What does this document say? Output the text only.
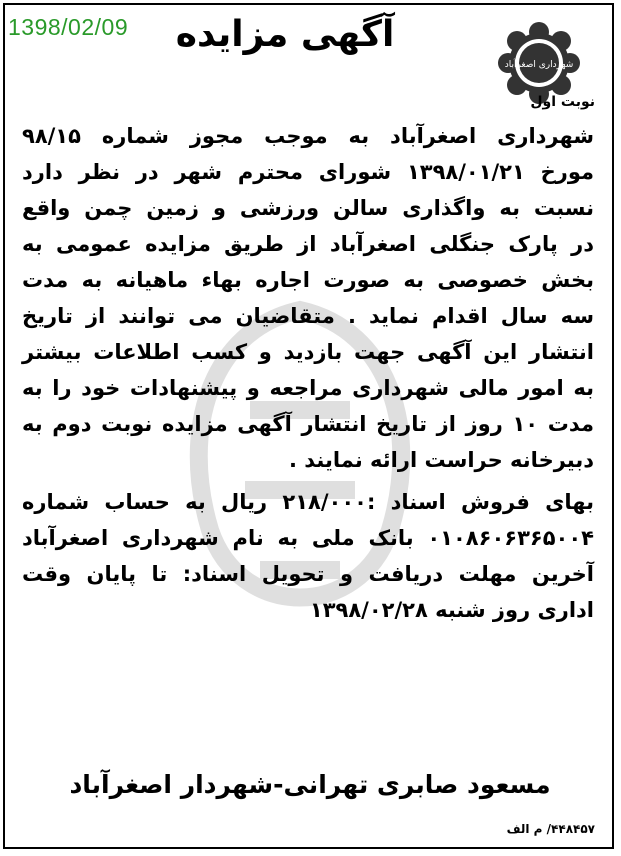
1398/02/09
شهرداری اصغرآباد
آگهی مزایده
نوبت اول
شهرداری اصغرآباد به موجب مجوز شماره ۹۸/۱۵
مورخ ۱۳۹۸/۰۱/۲۱ شورای محترم شهر در نظر دارد
نسبت به واگذاری سالن ورزشی و زمین چمن واقع
در پارک جنگلی اصغرآباد از طریق مزایده عمومی به
بخش خصوصی به صورت اجاره بهاء ماهیانه به مدت
سه سال اقدام نماید . متقاضیان می توانند از تاریخ
انتشار این آگهی جهت بازدید و کسب اطلاعات بیشتر
به امور مالی شهرداری مراجعه و پیشنهادات خود را به
مدت ۱۰ روز از تاریخ انتشار آگهی مزایده نوبت دوم به
دبیرخانه حراست ارائه نمایند .
بهای فروش اسناد :۲۱۸/۰۰۰ ریال به حساب شماره
۰۱۰۸۶۰۶۳۶۵۰۰۴ بانک ملی به نام شهرداری اصغرآباد
آخرین مهلت دریافت و تحویل اسناد: تا پایان وقت
اداری روز شنبه ۱۳۹۸/۰۲/۲۸
مسعود صابری تهرانی-شهردار اصغرآباد
۴۴۸۴۵۷/ م الف
